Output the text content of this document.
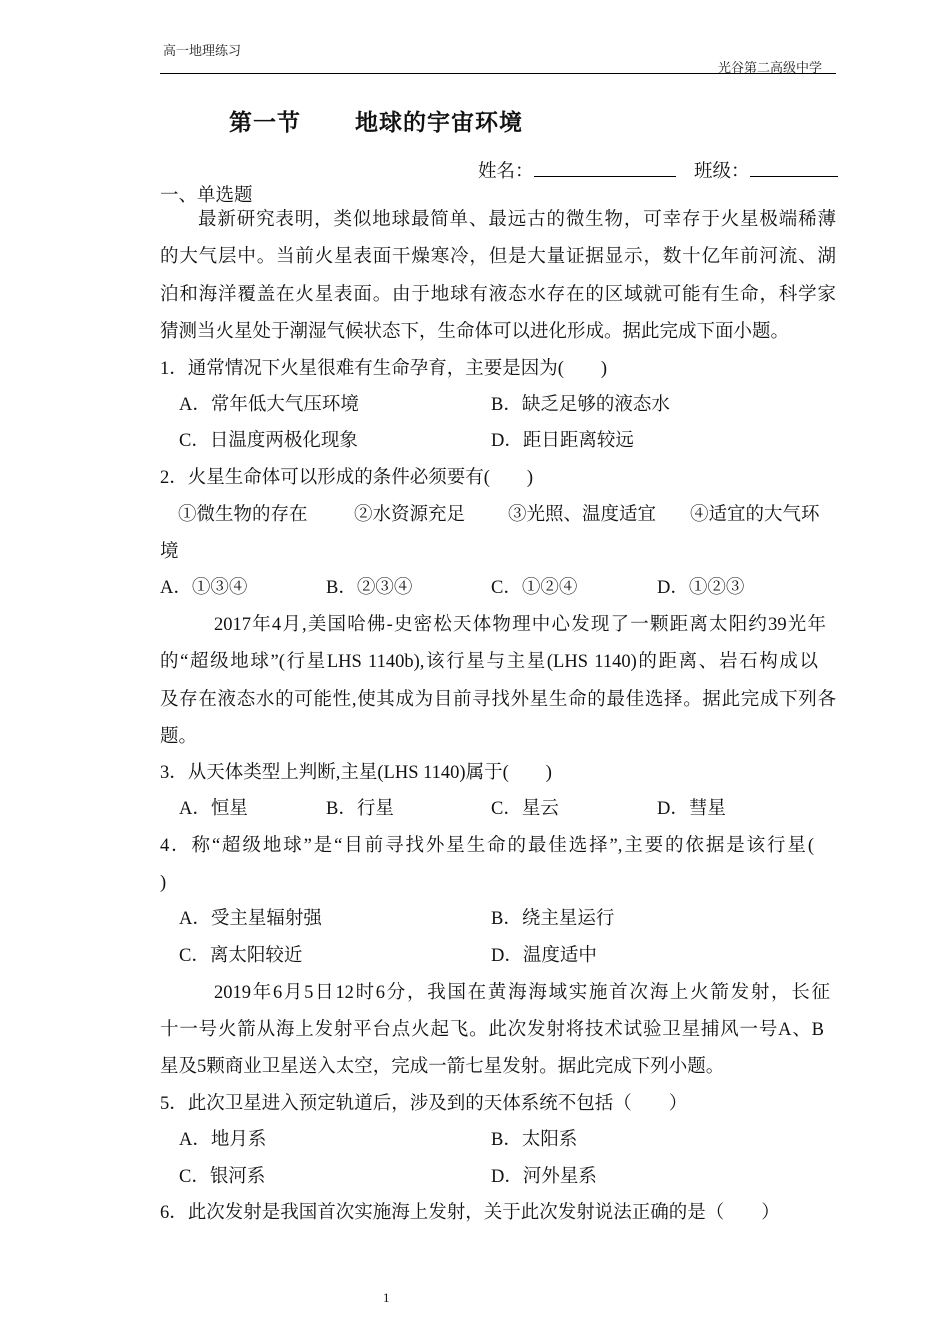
高一地理练习
光谷第二高级中学
第一节 地球的宇宙环境
姓名：	班级：
一、单选题
最新研究表明，类似地球最简单、最远古的微生物，可幸存于火星极端稀薄
的大气层中。当前火星表面干燥寒冷，但是大量证据显示，数十亿年前河流、湖
泊和海洋覆盖在火星表面。由于地球有液态水存在的区域就可能有生命，科学家
猜测当火星处于潮湿气候状态下，生命体可以进化形成。据此完成下面小题。
1．通常情况下火星很难有生命孕育，主要是因为(　　)
A．常年低大气压环境	B．缺乏足够的液态水
C．日温度两极化现象	D．距日距离较远
2．火星生命体可以形成的条件必须要有(　　)
①微生物的存在	②水资源充足 ③光照、温度适宜 ④适宜的大气环
境
A．①③④	B．②③④	C．①②④	D．①②③
2017年4月,美国哈佛-史密松天体物理中心发现了一颗距离太阳约39光年
的“超级地球”(行星LHS 1140b),该行星与主星(LHS 1140)的距离、岩石构成以
及存在液态水的可能性,使其成为目前寻找外星生命的最佳选择。据此完成下列各
题。
3．从天体类型上判断,主星(LHS 1140)属于(　　)
A．恒星	B．行星	C．星云	D．彗星
4．称“超级地球”是“目前寻找外星生命的最佳选择”,主要的依据是该行星(
)
A．受主星辐射强	B．绕主星运行
C．离太阳较近	D．温度适中
2019年6月5日12时6分，我国在黄海海域实施首次海上火箭发射，长征
十一号火箭从海上发射平台点火起飞。此次发射将技术试验卫星捕风一号A、B
星及5颗商业卫星送入太空，完成一箭七星发射。据此完成下列小题。
5．此次卫星进入预定轨道后，涉及到的天体系统不包括（　　）
A．地月系	B．太阳系
C．银河系	D．河外星系
6．此次发射是我国首次实施海上发射，关于此次发射说法正确的是（　　）
1
